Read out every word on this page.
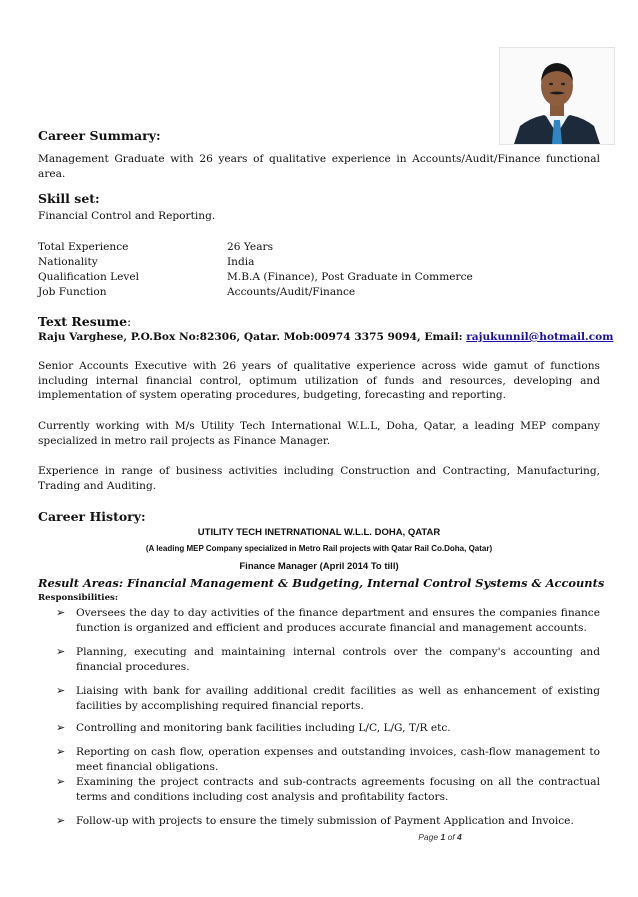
Career Summary:
Management Graduate with 26 years of qualitative experience in Accounts/Audit/Finance functional area.
Skill set:
Financial Control and Reporting.
Total Experience	26 Years
Nationality	India
Qualification Level	M.B.A (Finance), Post Graduate in Commerce
Job Function	Accounts/Audit/Finance
Text Resume:
Raju Varghese, P.O.Box No:82306, Qatar. Mob:00974 3375 9094, Email: rajukunnil@hotmail.com
Senior Accounts Executive with 26 years of qualitative experience across wide gamut of functions including internal financial control, optimum utilization of funds and resources, developing and implementation of system operating procedures, budgeting, forecasting and reporting.
Currently working with M/s Utility Tech International W.L.L, Doha, Qatar, a leading MEP company specialized in metro rail projects as Finance Manager.
Experience in range of business activities including Construction and Contracting, Manufacturing, Trading and Auditing.
Career History:
UTILITY TECH INETRNATIONAL W.L.L. DOHA, QATAR
(A leading MEP Company specialized in Metro Rail projects with Qatar Rail Co.Doha, Qatar)
Finance Manager (April 2014 To till)
Result Areas: Financial Management & Budgeting, Internal Control Systems & Accounts
Responsibilities:
➢ Oversees the day to day activities of the finance department and ensures the companies finance function is organized and efficient and produces accurate financial and management accounts.
➢ Planning, executing and maintaining internal controls over the company's accounting and financial procedures.
➢ Liaising with bank for availing additional credit facilities as well as enhancement of existing facilities by accomplishing required financial reports.
➢ Controlling and monitoring bank facilities including L/C, L/G, T/R etc.
➢ Reporting on cash flow, operation expenses and outstanding invoices, cash-flow management to meet financial obligations.
➢ Examining the project contracts and sub-contracts agreements focusing on all the contractual terms and conditions including cost analysis and profitability factors.
➢ Follow-up with projects to ensure the timely submission of Payment Application and Invoice.
Page 1 of 4
